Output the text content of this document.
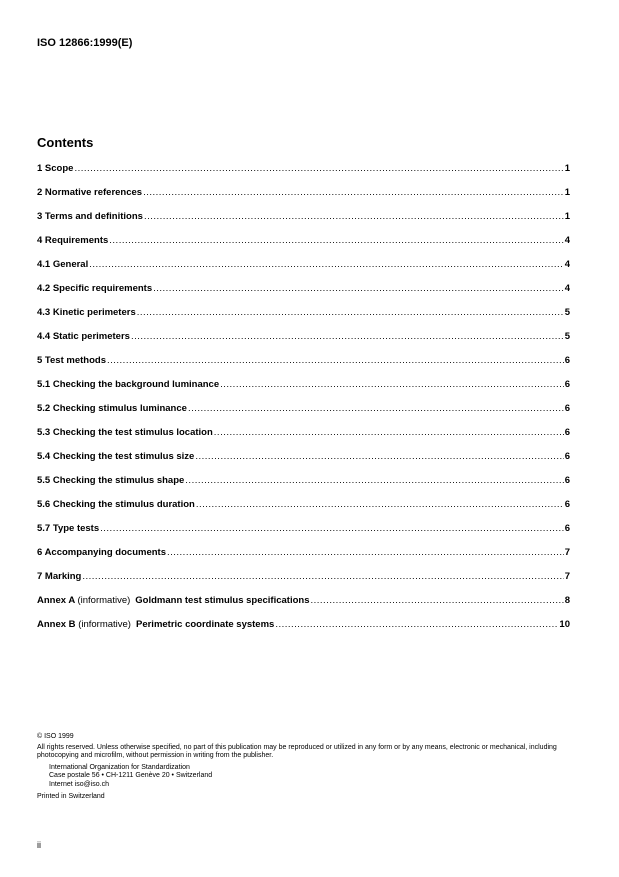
ISO 12866:1999(E)
Contents
1 Scope .....	1
2 Normative references .....	1
3 Terms and definitions .....	1
4 Requirements .....	4
4.1 General .....	4
4.2 Specific requirements .....	4
4.3 Kinetic perimeters .....	5
4.4 Static perimeters .....	5
5 Test methods .....	6
5.1 Checking the background luminance .....	6
5.2 Checking stimulus luminance .....	6
5.3 Checking the test stimulus location .....	6
5.4 Checking the test stimulus size .....	6
5.5 Checking the stimulus shape .....	6
5.6 Checking the stimulus duration .....	6
5.7 Type tests .....	6
6 Accompanying documents .....	7
7 Marking .....	7
Annex A (informative) Goldmann test stimulus specifications .....	8
Annex B (informative) Perimetric coordinate systems .....	10
© ISO 1999
All rights reserved. Unless otherwise specified, no part of this publication may be reproduced or utilized in any form or by any means, electronic or mechanical, including photocopying and microfilm, without permission in writing from the publisher.
International Organization for Standardization
Case postale 56 • CH-1211 Genève 20 • Switzerland
Internet iso@iso.ch
Printed in Switzerland
ii
